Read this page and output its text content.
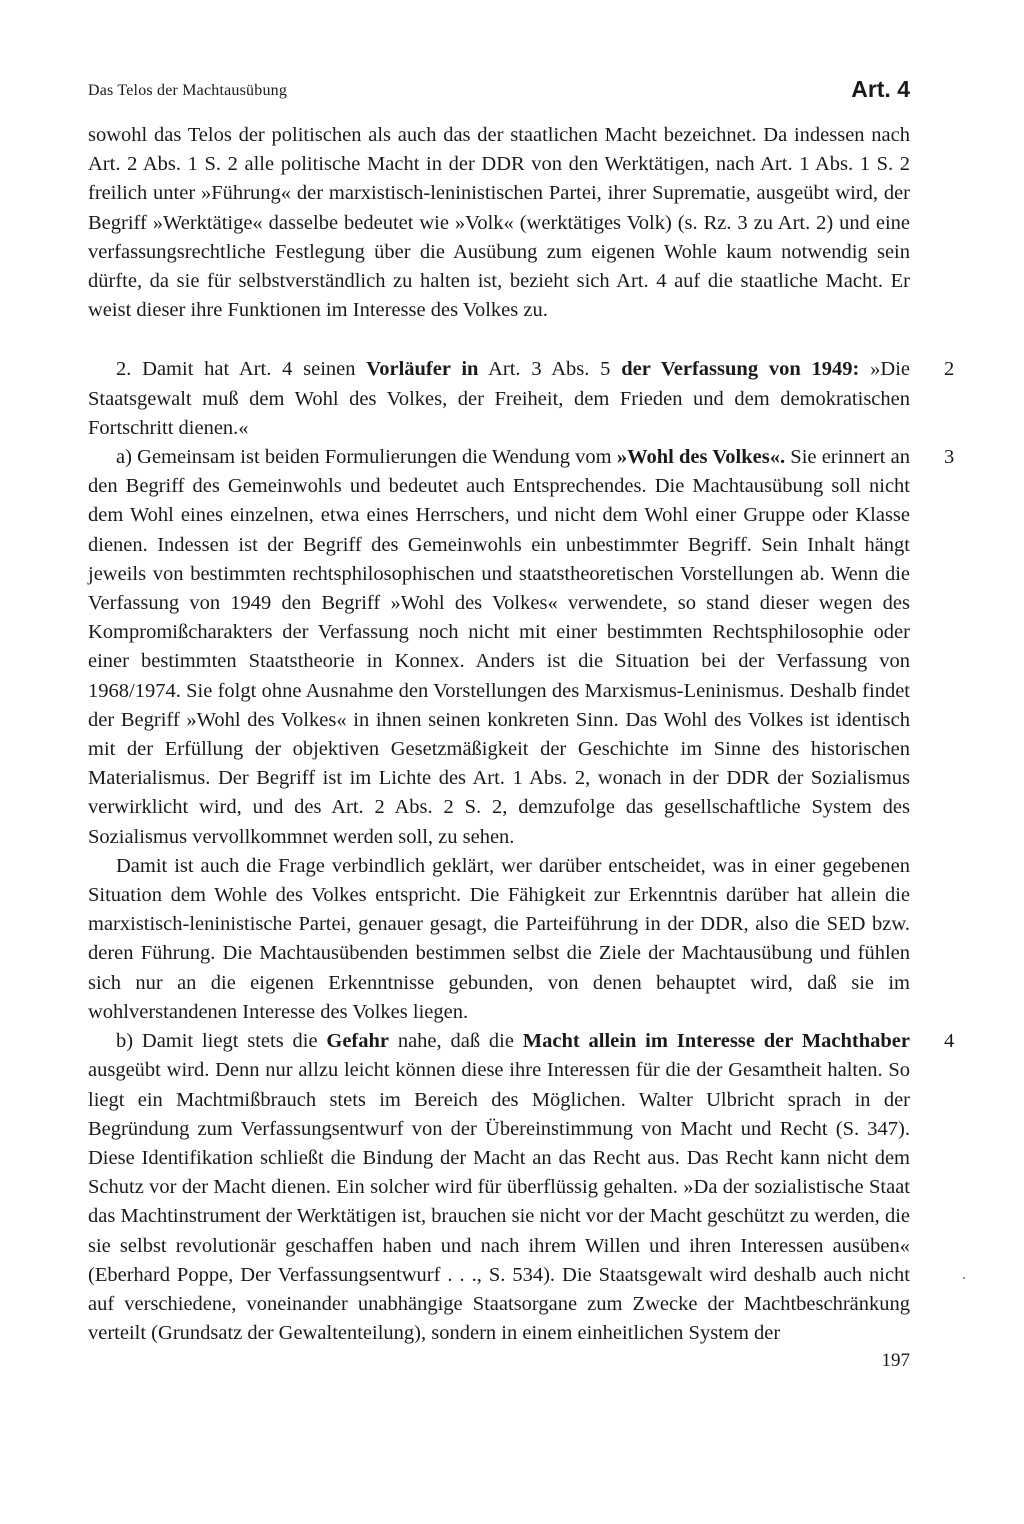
Das Telos der Machtausübung	Art. 4

sowohl das Telos der politischen als auch das der staatlichen Macht bezeichnet. Da indessen nach Art. 2 Abs. 1 S. 2 alle politische Macht in der DDR von den Werktätigen, nach Art. 1 Abs. 1 S. 2 freilich unter »Führung« der marxistisch-leninistischen Partei, ihrer Suprematie, ausgeübt wird, der Begriff »Werktätige« dasselbe bedeutet wie »Volk« (werktätiges Volk) (s. Rz. 3 zu Art. 2) und eine verfassungsrechtliche Festlegung über die Ausübung zum eigenen Wohle kaum notwendig sein dürfte, da sie für selbstverständlich zu halten ist, bezieht sich Art. 4 auf die staatliche Macht. Er weist dieser ihre Funktionen im Interesse des Volkes zu.

2
2. Damit hat Art. 4 seinen Vorläufer in Art. 3 Abs. 5 der Verfassung von 1949: »Die Staatsgewalt muß dem Wohl des Volkes, der Freiheit, dem Frieden und dem demokratischen Fortschritt dienen.«

3
a) Gemeinsam ist beiden Formulierungen die Wendung vom »Wohl des Volkes«. Sie erinnert an den Begriff des Gemeinwohls und bedeutet auch Entsprechendes. Die Machtausübung soll nicht dem Wohl eines einzelnen, etwa eines Herrschers, und nicht dem Wohl einer Gruppe oder Klasse dienen. Indessen ist der Begriff des Gemeinwohls ein unbestimmter Begriff. Sein Inhalt hängt jeweils von bestimmten rechtsphilosophischen und staatstheoretischen Vorstellungen ab. Wenn die Verfassung von 1949 den Begriff »Wohl des Volkes« verwendete, so stand dieser wegen des Kompromißcharakters der Verfassung noch nicht mit einer bestimmten Rechtsphilosophie oder einer bestimmten Staatstheorie in Konnex. Anders ist die Situation bei der Verfassung von 1968/1974. Sie folgt ohne Ausnahme den Vorstellungen des Marxismus-Leninismus. Deshalb findet der Begriff »Wohl des Volkes« in ihnen seinen konkreten Sinn. Das Wohl des Volkes ist identisch mit der Erfüllung der objektiven Gesetzmäßigkeit der Geschichte im Sinne des historischen Materialismus. Der Begriff ist im Lichte des Art. 1 Abs. 2, wonach in der DDR der Sozialismus verwirklicht wird, und des Art. 2 Abs. 2 S. 2, demzufolge das gesellschaftliche System des Sozialismus vervollkommnet werden soll, zu sehen.

Damit ist auch die Frage verbindlich geklärt, wer darüber entscheidet, was in einer gegebenen Situation dem Wohle des Volkes entspricht. Die Fähigkeit zur Erkenntnis darüber hat allein die marxistisch-leninistische Partei, genauer gesagt, die Parteiführung in der DDR, also die SED bzw. deren Führung. Die Machtausübenden bestimmen selbst die Ziele der Machtausübung und fühlen sich nur an die eigenen Erkenntnisse gebunden, von denen behauptet wird, daß sie im wohlverstandenen Interesse des Volkes liegen.

4
b) Damit liegt stets die Gefahr nahe, daß die Macht allein im Interesse der Machthaber ausgeübt wird. Denn nur allzu leicht können diese ihre Interessen für die der Gesamtheit halten. So liegt ein Machtmißbrauch stets im Bereich des Möglichen. Walter Ulbricht sprach in der Begründung zum Verfassungsentwurf von der Übereinstimmung von Macht und Recht (S. 347). Diese Identifikation schließt die Bindung der Macht an das Recht aus. Das Recht kann nicht dem Schutz vor der Macht dienen. Ein solcher wird für überflüssig gehalten. »Da der sozialistische Staat das Machtinstrument der Werktätigen ist, brauchen sie nicht vor der Macht geschützt zu werden, die sie selbst revolutionär geschaffen haben und nach ihrem Willen und ihren Interessen ausüben« (Eberhard Poppe, Der Verfassungsentwurf . . ., S. 534). Die Staatsgewalt wird deshalb auch nicht auf verschiedene, voneinander unabhängige Staatsorgane zum Zwecke der Machtbeschränkung verteilt (Grundsatz der Gewaltenteilung), sondern in einem einheitlichen System der

197
